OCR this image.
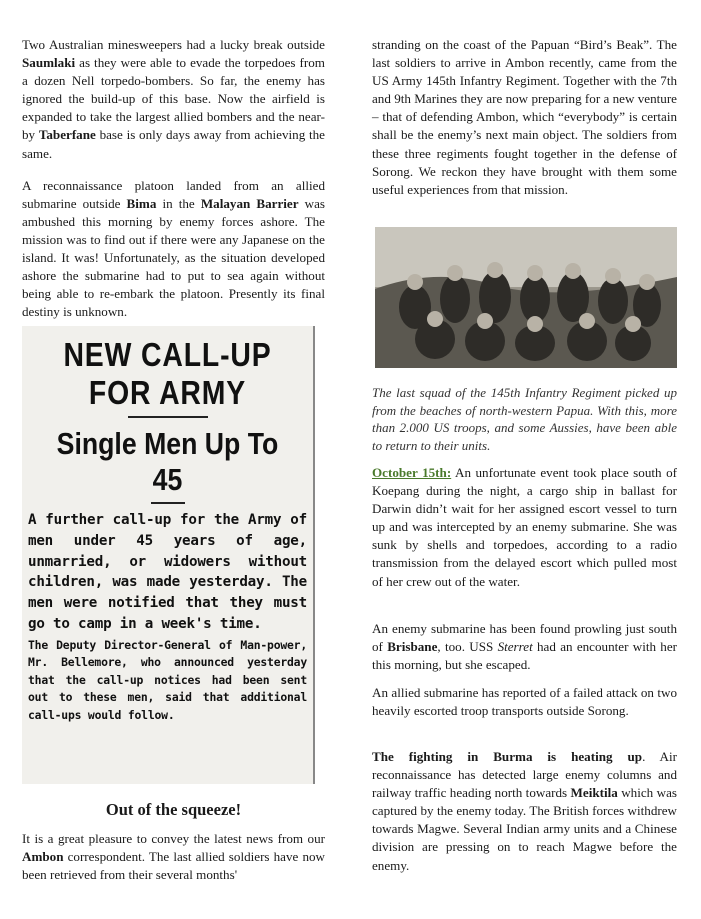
Two Australian minesweepers had a lucky break outside Saumlaki as they were able to evade the torpedoes from a dozen Nell torpedo-bombers. So far, the enemy has ignored the build-up of this base. Now the airfield is expanded to take the largest allied bombers and the near-by Taberfane base is only days away from achieving the same.

A reconnaissance platoon landed from an allied submarine outside Bima in the Malayan Barrier was ambushed this morning by enemy forces ashore. The mission was to find out if there were any Japanese on the island. It was! Unfortunately, as the situation developed ashore the submarine had to put to sea again without being able to re-embark the platoon. Presently its final destiny is unknown.

NEW CALL-UP FOR ARMY
Single Men Up To 45

A further call-up for the Army of men under 45 years of age, unmarried, or widowers without children, was made yesterday. The men were notified that they must go to camp in a week's time.

The Deputy Director-General of Man-power, Mr. Bellemore, who announced yesterday that the call-up notices had been sent out to these men, said that additional call-ups would follow.

Out of the squeeze!

It is a great pleasure to convey the latest news from our Ambon correspondent. The last allied soldiers have now been retrieved from their several months'

stranding on the coast of the Papuan “Bird’s Beak”. The last soldiers to arrive in Ambon recently, came from the US Army 145th Infantry Regiment. Together with the 7th and 9th Marines they are now preparing for a new venture – that of defending Ambon, which “everybody” is certain shall be the enemy’s next main object. The soldiers from these three regiments fought together in the defense of Sorong. We reckon they have brought with them some useful experiences from that mission.

The last squad of the 145th Infantry Regiment picked up from the beaches of north-western Papua. With this, more than 2.000 US troops, and some Aussies, have been able to return to their units.

October 15th: An unfortunate event took place south of Koepang during the night, a cargo ship in ballast for Darwin didn’t wait for her assigned escort vessel to turn up and was intercepted by an enemy submarine. She was sunk by shells and torpedoes, according to a radio transmission from the delayed escort which pulled most of her crew out of the water.

An enemy submarine has been found prowling just south of Brisbane, too. USS Sterret had an encounter with her this morning, but she escaped.

An allied submarine has reported of a failed attack on two heavily escorted troop transports outside Sorong.

The fighting in Burma is heating up. Air reconnaissance has detected large enemy columns and railway traffic heading north towards Meiktila which was captured by the enemy today. The British forces withdrew towards Magwe. Several Indian army units and a Chinese division are pressing on to reach Magwe before the enemy.
